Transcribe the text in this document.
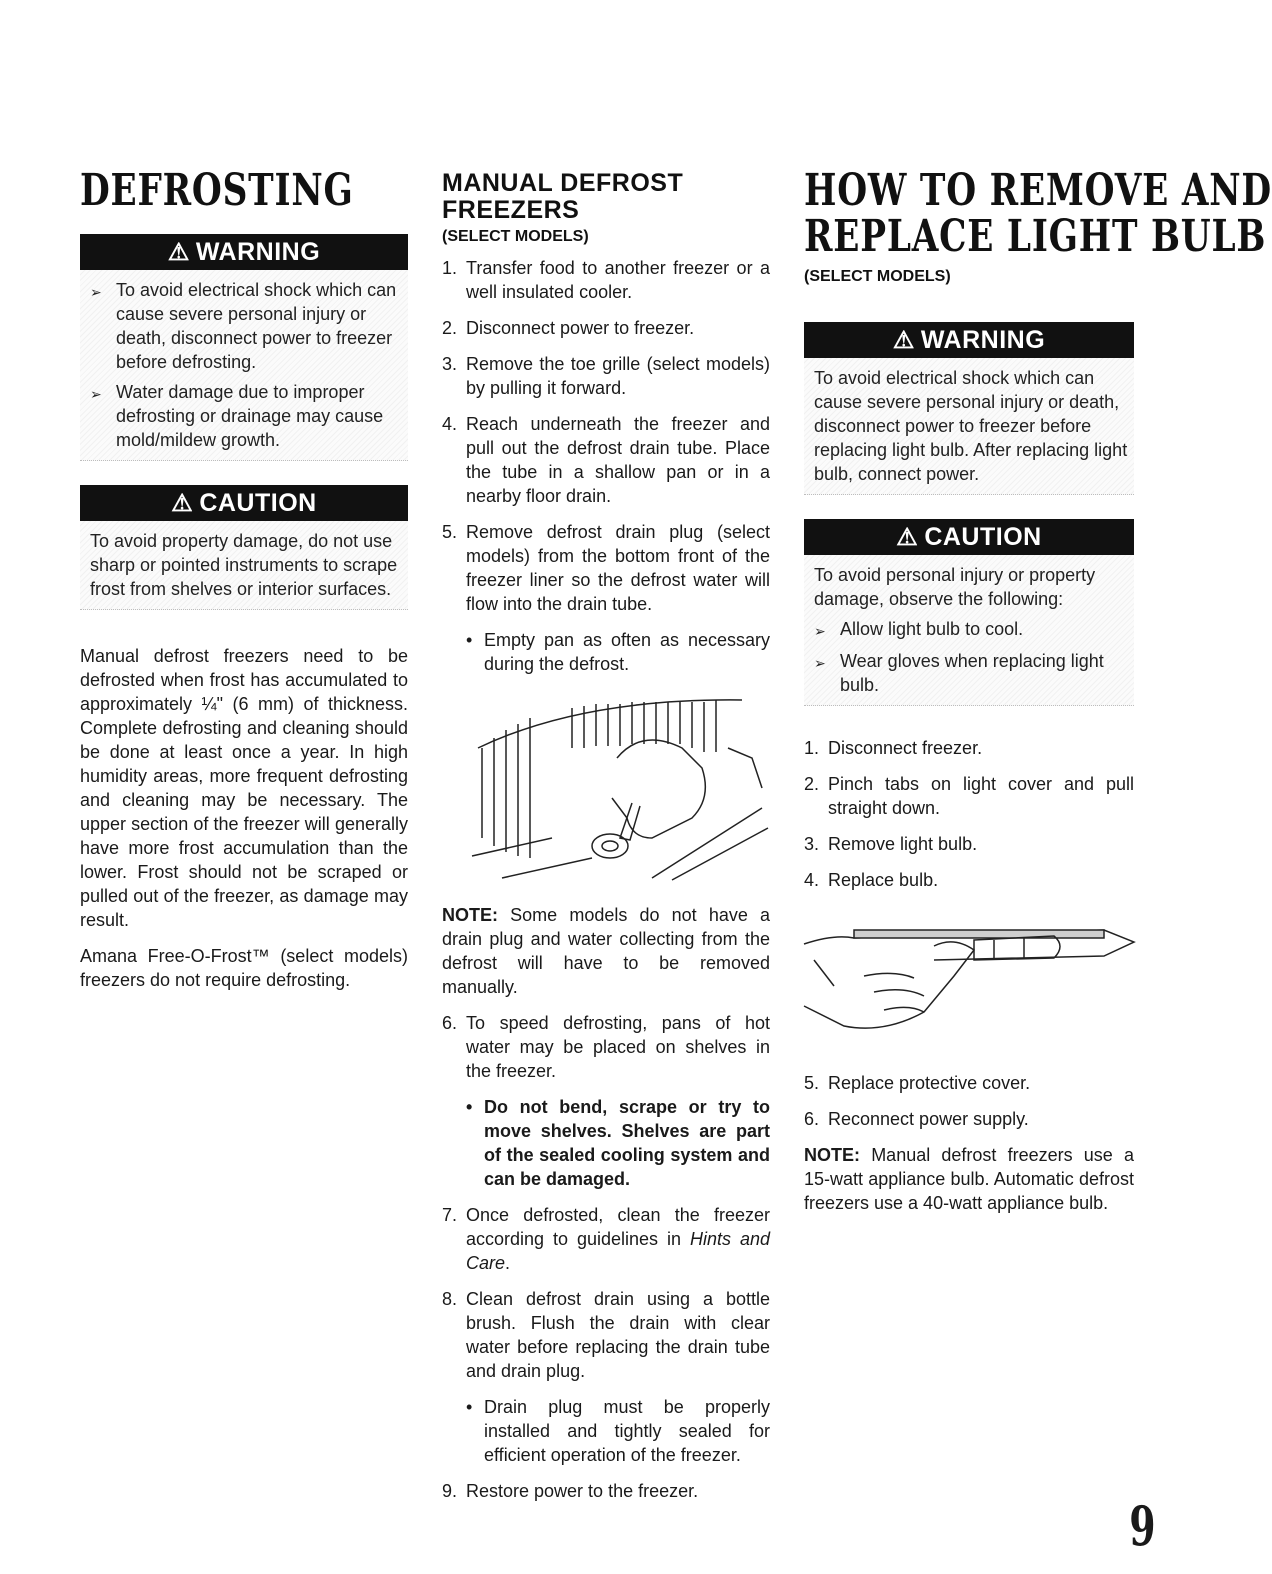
DEFROSTING
⚠ WARNING
➢ To avoid electrical shock which can cause severe personal injury or death, disconnect power to freezer before defrosting.
➢ Water damage due to improper defrosting or drainage may cause mold/mildew growth.
⚠ CAUTION
To avoid property damage, do not use sharp or pointed instruments to scrape frost from shelves or interior surfaces.

Manual defrost freezers need to be defrosted when frost has accumulated to approximately ¼" (6 mm) of thickness. Complete defrosting and cleaning should be done at least once a year. In high humidity areas, more frequent defrosting and cleaning may be necessary. The upper section of the freezer will generally have more frost accumulation than the lower. Frost should not be scraped or pulled out of the freezer, as damage may result.

Amana Free-O-Frost™ (select models) freezers do not require defrosting.

MANUAL DEFROST FREEZERS
(SELECT MODELS)
1. Transfer food to another freezer or a well insulated cooler.
2. Disconnect power to freezer.
3. Remove the toe grille (select models) by pulling it forward.
4. Reach underneath the freezer and pull out the defrost drain tube. Place the tube in a shallow pan or in a nearby floor drain.
5. Remove defrost drain plug (select models) from the bottom front of the freezer liner so the defrost water will flow into the drain tube.
• Empty pan as often as necessary during the defrost.

NOTE: Some models do not have a drain plug and water collecting from the defrost will have to be removed manually.

6. To speed defrosting, pans of hot water may be placed on shelves in the freezer.
• Do not bend, scrape or try to move shelves. Shelves are part of the sealed cooling system and can be damaged.
7. Once defrosted, clean the freezer according to guidelines in Hints and Care.
8. Clean defrost drain using a bottle brush. Flush the drain with clear water before replacing the drain tube and drain plug.
• Drain plug must be properly installed and tightly sealed for efficient operation of the freezer.
9. Restore power to the freezer.
HOW TO REMOVE AND
REPLACE LIGHT BULB
(SELECT MODELS)
⚠ WARNING
To avoid electrical shock which can cause severe personal injury or death, disconnect power to freezer before replacing light bulb. After replacing light bulb, connect power.
⚠ CAUTION
To avoid personal injury or property damage, observe the following:
➢ Allow light bulb to cool.
➢ Wear gloves when replacing light bulb.
1. Disconnect freezer.
2. Pinch tabs on light cover and pull straight down.
3. Remove light bulb.
4. Replace bulb.
5. Replace protective cover.
6. Reconnect power supply.

NOTE: Manual defrost freezers use a 15-watt appliance bulb. Automatic defrost freezers use a 40-watt appliance bulb.

9
